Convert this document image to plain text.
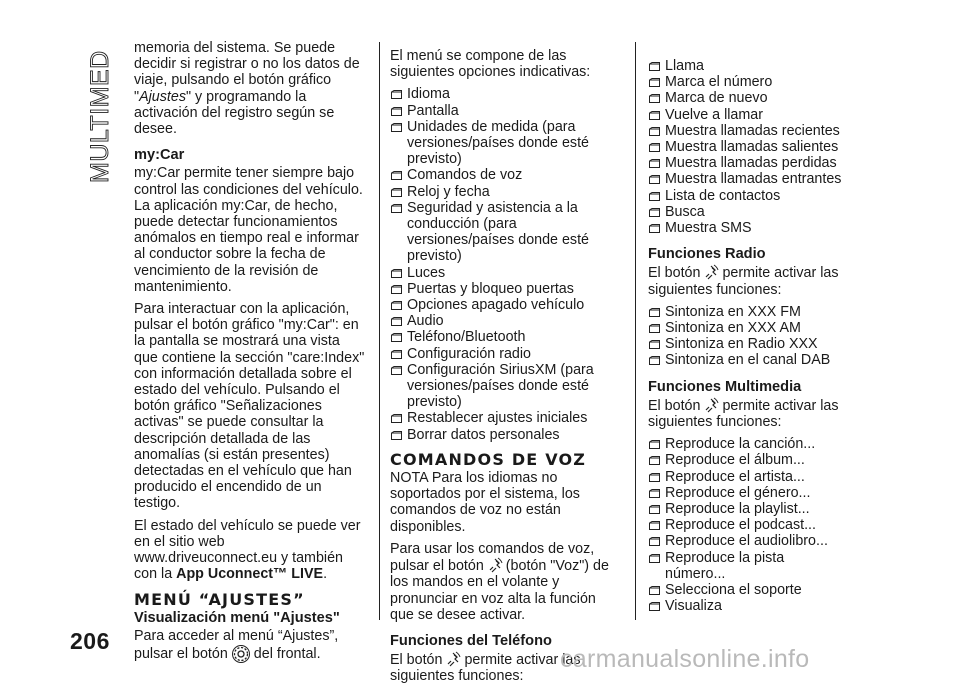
MULTIMEDIA memoria del sistema. Se puede decidir si registrar o no los datos de viaje, pulsando el botón gráfico "Ajustes" y programando la activación del registro según se desee.

my:Car

my:Car permite tener siempre bajo control las condiciones del vehículo. La aplicación my:Car, de hecho, puede detectar funcionamientos anómalos en tiempo real e informar al conductor sobre la fecha de vencimiento de la revisión de mantenimiento.

Para interactuar con la aplicación, pulsar el botón gráfico "my:Car": en la pantalla se mostrará una vista que contiene la sección "care:Index" con información detallada sobre el estado del vehículo. Pulsando el botón gráfico "Señalizaciones activas" se puede consultar la descripción detallada de las anomalías (si están presentes) detectadas en el vehículo que han producido el encendido de un testigo.

El estado del vehículo se puede ver en el sitio web www.driveuconnect.eu y también con la App Uconnect™ LIVE.

MENÚ “AJUSTES”
Visualización menú "Ajustes"

Para acceder al menú “Ajustes”, pulsar el botón del frontal.

El menú se compone de las siguientes opciones indicativas:

Idioma
Pantalla
Unidades de medida (para versiones/países donde esté previsto)
Comandos de voz
Reloj y fecha
Seguridad y asistencia a la conducción (para versiones/países donde esté previsto)
Luces
Puertas y bloqueo puertas
Opciones apagado vehículo
Audio
Teléfono/Bluetooth
Configuración radio
Configuración SiriusXM (para versiones/países donde esté previsto)
Restablecer ajustes iniciales
Borrar datos personales
COMANDOS DE VOZ

NOTA Para los idiomas no soportados por el sistema, los comandos de voz no están disponibles.

Para usar los comandos de voz, pulsar el botón (botón "Voz") de los mandos en el volante y pronunciar en voz alta la función que se desee activar.

Funciones del Teléfono

El botón permite activar las siguientes funciones:

Llama
Marca el número
Marca de nuevo
Vuelve a llamar
Muestra llamadas recientes
Muestra llamadas salientes
Muestra llamadas perdidas
Muestra llamadas entrantes
Lista de contactos
Busca
Muestra SMS
Funciones Radio

El botón permite activar las siguientes funciones:

Sintoniza en XXX FM
Sintoniza en XXX AM
Sintoniza en Radio XXX
Sintoniza en el canal DAB
Funciones Multimedia

El botón permite activar las siguientes funciones:

Reproduce la canción...
Reproduce el álbum...
Reproduce el artista...
Reproduce el género...
Reproduce la playlist...
Reproduce el podcast...
Reproduce el audiolibro...
Reproduce la pista número...
Selecciona el soporte
Visualiza
206
carmanualsonline.info
